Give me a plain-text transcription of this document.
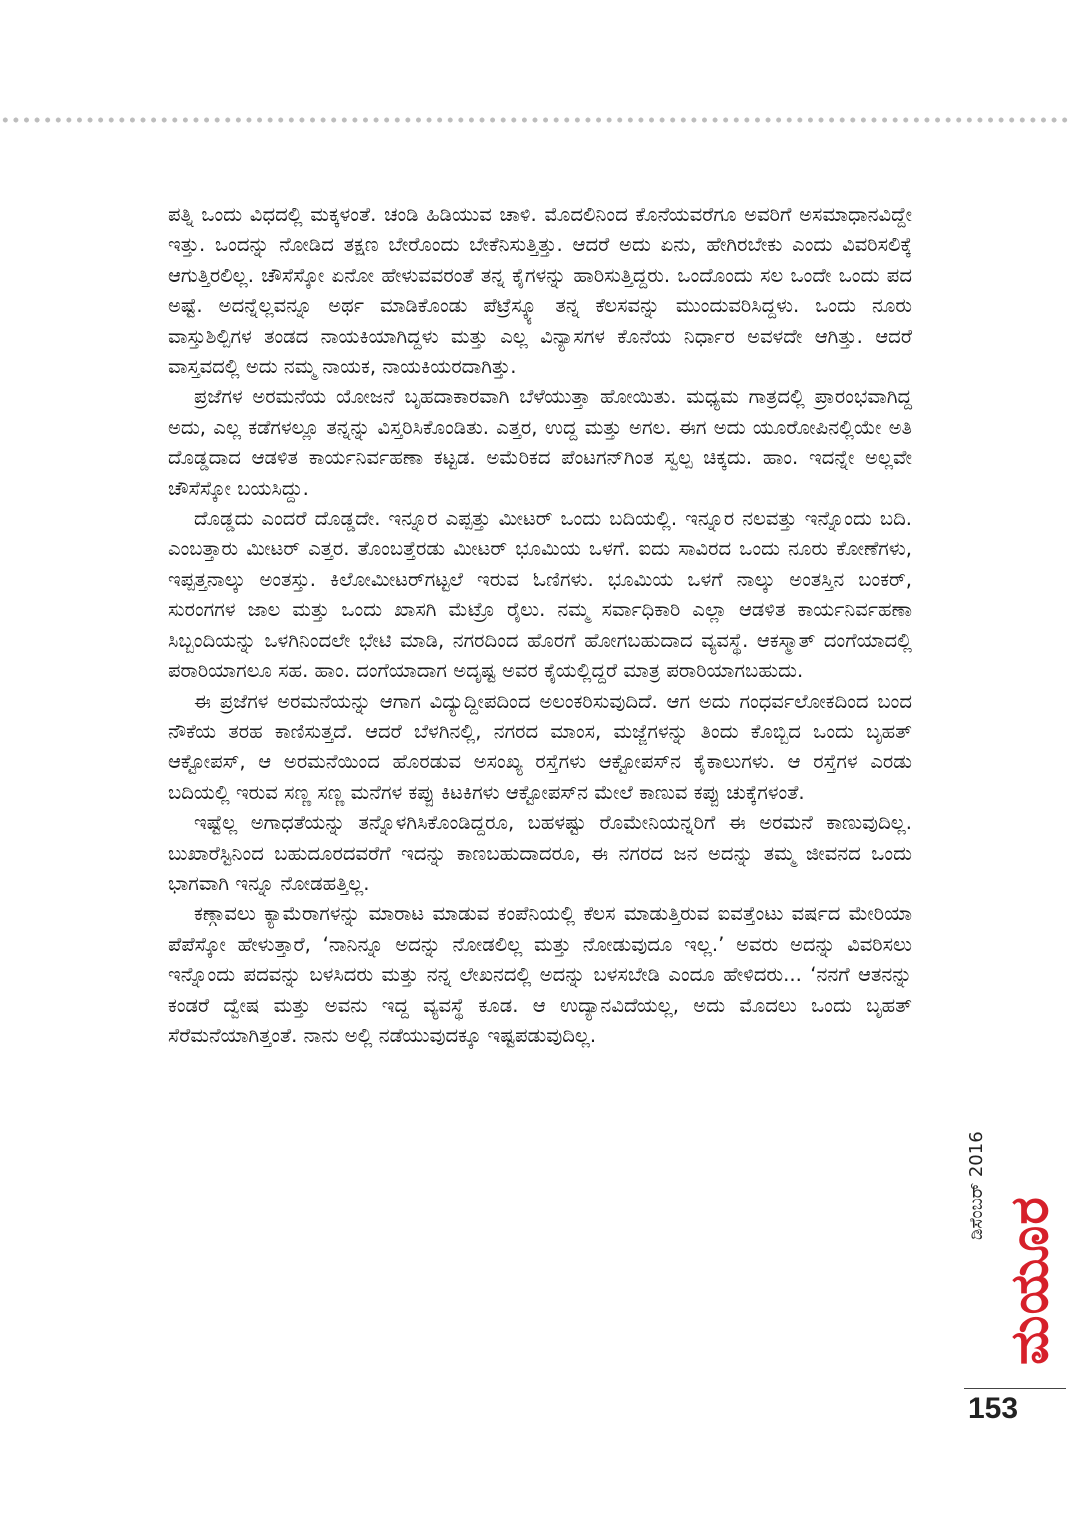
ಪತ್ನಿ ಒಂದು ವಿಧದಲ್ಲಿ ಮಕ್ಕಳಂತೆ. ಚಂಡಿ ಹಿಡಿಯುವ ಚಾಳಿ. ಮೊದಲಿನಿಂದ ಕೊನೆಯವರೆಗೂ ಅವರಿಗೆ ಅಸಮಾಧಾನವಿದ್ದೇ ಇತ್ತು. ಒಂದನ್ನು ನೋಡಿದ ತಕ್ಷಣ ಬೇರೊಂದು ಬೇಕೆನಿಸುತ್ತಿತ್ತು. ಆದರೆ ಅದು ಏನು, ಹೇಗಿರಬೇಕು ಎಂದು ವಿವರಿಸಲಿಕ್ಕೆ ಆಗುತ್ತಿರಲಿಲ್ಲ. ಚೌಸೆಸ್ಕೋ ಏನೋ ಹೇಳುವವರಂತೆ ತನ್ನ ಕೈಗಳನ್ನು ಹಾರಿಸುತ್ತಿದ್ದರು. ಒಂದೊಂದು ಸಲ ಒಂದೇ ಒಂದು ಪದ ಅಷ್ಟೆ. ಅದನ್ನೆಲ್ಲವನ್ನೂ ಅರ್ಥ ಮಾಡಿಕೊಂಡು ಪೆಟ್ರೆಸ್ಕ್ಯೂ ತನ್ನ ಕೆಲಸವನ್ನು ಮುಂದುವರಿಸಿದ್ದಳು. ಒಂದು ನೂರು ವಾಸ್ತುಶಿಲ್ಪಿಗಳ ತಂಡದ ನಾಯಕಿಯಾಗಿದ್ದಳು ಮತ್ತು ಎಲ್ಲ ವಿನ್ಯಾಸಗಳ ಕೊನೆಯ ನಿರ್ಧಾರ ಅವಳದೇ ಆಗಿತ್ತು. ಆದರೆ ವಾಸ್ತವದಲ್ಲಿ ಅದು ನಮ್ಮ ನಾಯಕ, ನಾಯಕಿಯರದಾಗಿತ್ತು.

ಪ್ರಜೆಗಳ ಅರಮನೆಯ ಯೋಜನೆ ಬೃಹದಾಕಾರವಾಗಿ ಬೆಳೆಯುತ್ತಾ ಹೋಯಿತು. ಮಧ್ಯಮ ಗಾತ್ರದಲ್ಲಿ ಪ್ರಾರಂಭವಾಗಿದ್ದ ಅದು, ಎಲ್ಲ ಕಡೆಗಳಲ್ಲೂ ತನ್ನನ್ನು ವಿಸ್ತರಿಸಿಕೊಂಡಿತು. ಎತ್ತರ, ಉದ್ದ ಮತ್ತು ಅಗಲ. ಈಗ ಅದು ಯೂರೋಪಿನಲ್ಲಿಯೇ ಅತಿ ದೊಡ್ಡದಾದ ಆಡಳಿತ ಕಾರ್ಯನಿರ್ವಹಣಾ ಕಟ್ಟಡ. ಅಮೆರಿಕದ ಪೆಂಟಗನ್‌ಗಿಂತ ಸ್ವಲ್ಪ ಚಿಕ್ಕದು. ಹಾಂ. ಇದನ್ನೇ ಅಲ್ಲವೇ ಚೌಸೆಸ್ಕೋ ಬಯಸಿದ್ದು.

ದೊಡ್ಡದು ಎಂದರೆ ದೊಡ್ಡದೇ. ಇನ್ನೂರ ಎಪ್ಪತ್ತು ಮೀಟರ್ ಒಂದು ಬದಿಯಲ್ಲಿ. ಇನ್ನೂರ ನಲವತ್ತು ಇನ್ನೊಂದು ಬದಿ. ಎಂಬತ್ತಾರು ಮೀಟರ್ ಎತ್ತರ. ತೊಂಬತ್ತೆರಡು ಮೀಟರ್ ಭೂಮಿಯ ಒಳಗೆ. ಐದು ಸಾವಿರದ ಒಂದು ನೂರು ಕೋಣೆಗಳು, ಇಪ್ಪತ್ತನಾಲ್ಕು ಅಂತಸ್ತು. ಕಿಲೋಮೀಟರ್‌ಗಟ್ಟಲೆ ಇರುವ ಓಣಿಗಳು. ಭೂಮಿಯ ಒಳಗೆ ನಾಲ್ಕು ಅಂತಸ್ತಿನ ಬಂಕರ್, ಸುರಂಗಗಳ ಜಾಲ ಮತ್ತು ಒಂದು ಖಾಸಗಿ ಮೆಟ್ರೊ ರೈಲು. ನಮ್ಮ ಸರ್ವಾಧಿಕಾರಿ ಎಲ್ಲಾ ಆಡಳಿತ ಕಾರ್ಯನಿರ್ವಹಣಾ ಸಿಬ್ಬಂದಿಯನ್ನು ಒಳಗಿನಿಂದಲೇ ಭೇಟಿ ಮಾಡಿ, ನಗರದಿಂದ ಹೊರಗೆ ಹೋಗಬಹುದಾದ ವ್ಯವಸ್ಥೆ. ಆಕಸ್ಮಾತ್ ದಂಗೆಯಾದಲ್ಲಿ ಪರಾರಿಯಾಗಲೂ ಸಹ. ಹಾಂ. ದಂಗೆಯಾದಾಗ ಅದೃಷ್ಟ ಅವರ ಕೈಯಲ್ಲಿದ್ದರೆ ಮಾತ್ರ ಪರಾರಿಯಾಗಬಹುದು.

ಈ ಪ್ರಜೆಗಳ ಅರಮನೆಯನ್ನು ಆಗಾಗ ವಿದ್ಯುದ್ದೀಪದಿಂದ ಅಲಂಕರಿಸುವುದಿದೆ. ಆಗ ಅದು ಗಂಧರ್ವಲೋಕದಿಂದ ಬಂದ ನೌಕೆಯ ತರಹ ಕಾಣಿಸುತ್ತದೆ. ಆದರೆ ಬೆಳಗಿನಲ್ಲಿ, ನಗರದ ಮಾಂಸ, ಮಜ್ಜೆಗಳನ್ನು ತಿಂದು ಕೊಬ್ಬಿದ ಒಂದು ಬೃಹತ್ ಆಕ್ಟೋಪಸ್, ಆ ಅರಮನೆಯಿಂದ ಹೊರಡುವ ಅಸಂಖ್ಯ ರಸ್ತೆಗಳು ಆಕ್ಟೋಪಸ್‌ನ ಕೈಕಾಲುಗಳು. ಆ ರಸ್ತೆಗಳ ಎರಡು ಬದಿಯಲ್ಲಿ ಇರುವ ಸಣ್ಣ ಸಣ್ಣ ಮನೆಗಳ ಕಪ್ಪು ಕಿಟಕಿಗಳು ಆಕ್ಟೋಪಸ್‌ನ ಮೇಲೆ ಕಾಣುವ ಕಪ್ಪು ಚುಕ್ಕೆಗಳಂತೆ.

ಇಷ್ಟೆಲ್ಲ ಅಗಾಧತೆಯನ್ನು ತನ್ನೊಳಗಿಸಿಕೊಂಡಿದ್ದರೂ, ಬಹಳಷ್ಟು ರೊಮೇನಿಯನ್ನರಿಗೆ ಈ ಅರಮನೆ ಕಾಣುವುದಿಲ್ಲ. ಬುಖಾರೆಸ್ಟಿನಿಂದ ಬಹುದೂರದವರೆಗೆ ಇದನ್ನು ಕಾಣಬಹುದಾದರೂ, ಈ ನಗರದ ಜನ ಅದನ್ನು ತಮ್ಮ ಜೀವನದ ಒಂದು ಭಾಗವಾಗಿ ಇನ್ನೂ ನೋಡಹತ್ತಿಲ್ಲ.

ಕಣ್ಗಾವಲು ಕ್ಯಾಮೆರಾಗಳನ್ನು ಮಾರಾಟ ಮಾಡುವ ಕಂಪೆನಿಯಲ್ಲಿ ಕೆಲಸ ಮಾಡುತ್ತಿರುವ ಐವತ್ತೆಂಟು ವರ್ಷದ ಮೇರಿಯಾ ಪೆಪೆಸ್ಕೋ ಹೇಳುತ್ತಾರೆ, ‘ನಾನಿನ್ನೂ ಅದನ್ನು ನೋಡಲಿಲ್ಲ ಮತ್ತು ನೋಡುವುದೂ ಇಲ್ಲ.’ ಅವರು ಅದನ್ನು ವಿವರಿಸಲು ಇನ್ನೊಂದು ಪದವನ್ನು ಬಳಸಿದರು ಮತ್ತು ನನ್ನ ಲೇಖನದಲ್ಲಿ ಅದನ್ನು ಬಳಸಬೇಡಿ ಎಂದೂ ಹೇಳಿದರು... ‘ನನಗೆ ಆತನನ್ನು ಕಂಡರೆ ದ್ವೇಷ ಮತ್ತು ಅವನು ಇದ್ದ ವ್ಯವಸ್ಥೆ ಕೂಡ. ಆ ಉದ್ಯಾನವಿದೆಯಲ್ಲ, ಅದು ಮೊದಲು ಒಂದು ಬೃಹತ್ ಸೆರೆಮನೆಯಾಗಿತ್ತಂತೆ. ನಾನು ಅಲ್ಲಿ ನಡೆಯುವುದಕ್ಕೂ ಇಷ್ಟಪಡುವುದಿಲ್ಲ.

ಡಿಸೆಂಬರ್ 2016
ಮಯೂರ
153
